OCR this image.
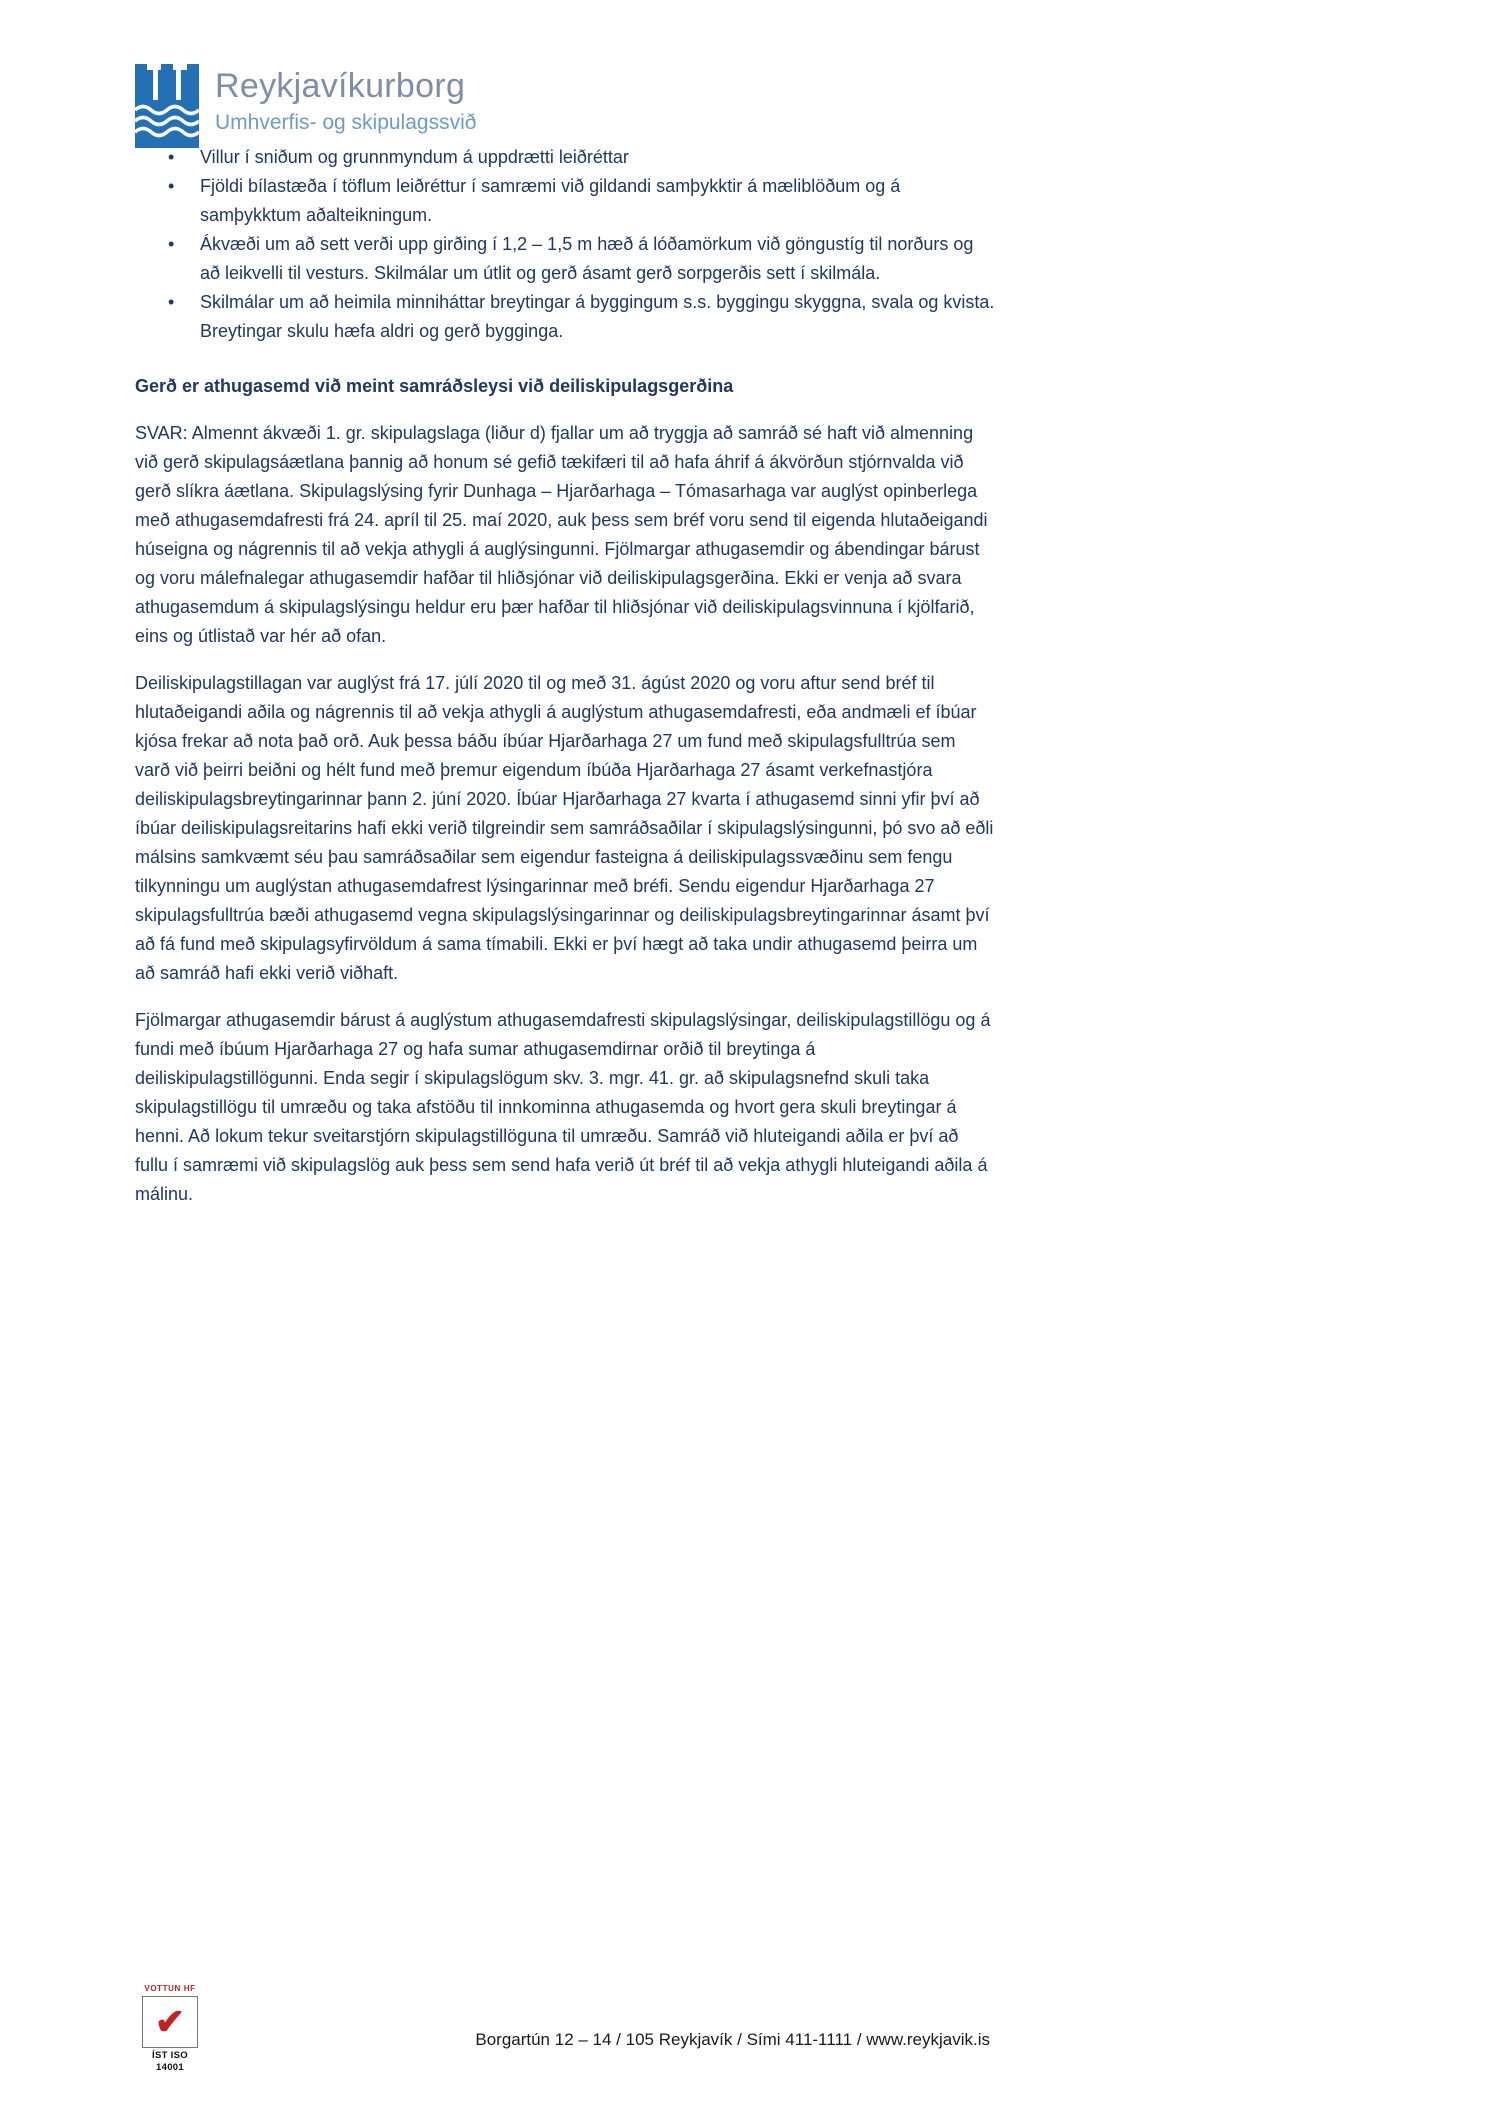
Reykjavíkurborg
Umhverfis- og skipulagssvið
• Villur í sniðum og grunnmyndum á uppdrætti leiðréttar
• Fjöldi bílastæða í töflum leiðréttur í samræmi við gildandi samþykktir á mæliblöðum og á samþykktum aðalteikningum.
• Ákvæði um að sett verði upp girðing í 1,2 – 1,5 m hæð á lóðamörkum við göngustíg til norðurs og að leikvelli til vesturs. Skilmálar um útlit og gerð ásamt gerð sorpgerðis sett í skilmála.
• Skilmálar um að heimila minniháttar breytingar á byggingum s.s. byggingu skyggna, svala og kvista. Breytingar skulu hæfa aldri og gerð bygginga.
Gerð er athugasemd við meint samráðsleysi við deiliskipulagsgerðina

SVAR: Almennt ákvæði 1. gr. skipulagslaga (liður d) fjallar um að tryggja að samráð sé haft við almenning við gerð skipulagsáætlana þannig að honum sé gefið tækifæri til að hafa áhrif á ákvörðun stjórnvalda við gerð slíkra áætlana. Skipulagslýsing fyrir Dunhaga – Hjarðarhaga – Tómasarhaga var auglýst opinberlega með athugasemdafresti frá 24. apríl til 25. maí 2020, auk þess sem bréf voru send til eigenda hlutaðeigandi húseigna og nágrennis til að vekja athygli á auglýsingunni. Fjölmargar athugasemdir og ábendingar bárust og voru málefnalegar athugasemdir hafðar til hliðsjónar við deiliskipulagsgerðina. Ekki er venja að svara athugasemdum á skipulagslýsingu heldur eru þær hafðar til hliðsjónar við deiliskipulagsvinnuna í kjölfarið, eins og útlistað var hér að ofan.

Deiliskipulagstillagan var auglýst frá 17. júlí 2020 til og með 31. ágúst 2020 og voru aftur send bréf til hlutaðeigandi aðila og nágrennis til að vekja athygli á auglýstum athugasemdafresti, eða andmæli ef íbúar kjósa frekar að nota það orð. Auk þessa báðu íbúar Hjarðarhaga 27 um fund með skipulagsfulltrúa sem varð við þeirri beiðni og hélt fund með þremur eigendum íbúða Hjarðarhaga 27 ásamt verkefnastjóra deiliskipulagsbreytingarinnar þann 2. júní 2020. Íbúar Hjarðarhaga 27 kvarta í athugasemd sinni yfir því að íbúar deiliskipulagsreitarins hafi ekki verið tilgreindir sem samráðsaðilar í skipulagslýsingunni, þó svo að eðli málsins samkvæmt séu þau samráðsaðilar sem eigendur fasteigna á deiliskipulagssvæðinu sem fengu tilkynningu um auglýstan athugasemdafrest lýsingarinnar með bréfi. Sendu eigendur Hjarðarhaga 27 skipulagsfulltrúa bæði athugasemd vegna skipulagslýsingarinnar og deiliskipulagsbreytingarinnar ásamt því að fá fund með skipulagsyfirvöldum á sama tímabili. Ekki er því hægt að taka undir athugasemd þeirra um að samráð hafi ekki verið viðhaft.

Fjölmargar athugasemdir bárust á auglýstum athugasemdafresti skipulagslýsingar, deiliskipulagstillögu og á fundi með íbúum Hjarðarhaga 27 og hafa sumar athugasemdirnar orðið til breytinga á deiliskipulagstillögunni. Enda segir í skipulagslögum skv. 3. mgr. 41. gr. að skipulagsnefnd skuli taka skipulagstillögu til umræðu og taka afstöðu til innkominna athugasemda og hvort gera skuli breytingar á henni. Að lokum tekur sveitarstjórn skipulagstillöguna til umræðu. Samráð við hluteigandi aðila er því að fullu í samræmi við skipulagslög auk þess sem send hafa verið út bréf til að vekja athygli hluteigandi aðila á málinu.

VOTTUN HF
✔
ÍST ISO 14001
Borgartún 12 – 14 / 105 Reykjavík / Sími 411-1111 / www.reykjavik.is
